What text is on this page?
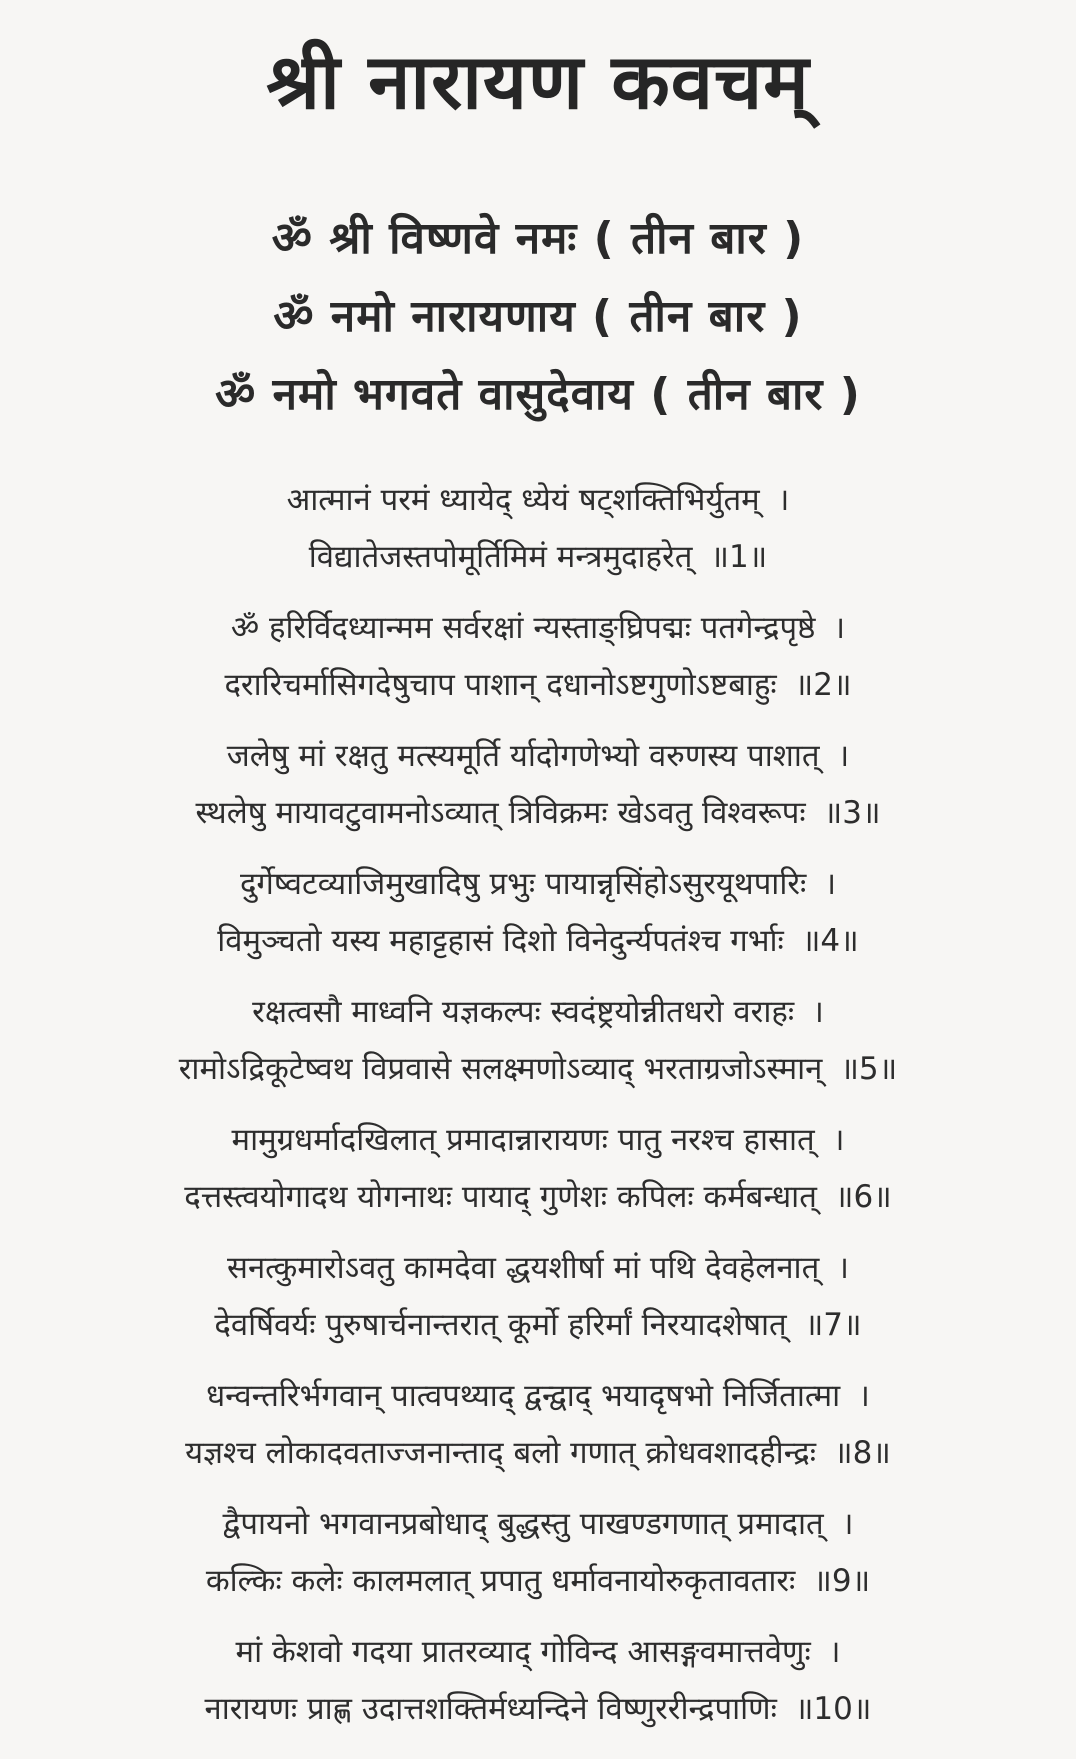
श्री नारायण कवचम्
ॐ श्री विष्णवे नमः ( तीन बार )
ॐ नमो नारायणाय ( तीन बार )
ॐ नमो भगवते वासुदेवाय ( तीन बार )
आत्मानं परमं ध्यायेद् ध्येयं षट्शक्तिभिर्युतम् ।
विद्यातेजस्तपोमूर्तिमिमं मन्त्रमुदाहरेत् ॥1॥
ॐ हरिर्विदध्यान्मम सर्वरक्षां न्यस्ताङ्घ्रिपद्मः पतगेन्द्रपृष्ठे ।
दरारिचर्मासिगदेषुचाप पाशान् दधानोऽष्टगुणोऽष्टबाहुः ॥2॥
जलेषु मां रक्षतु मत्स्यमूर्ति र्यादोगणेभ्यो वरुणस्य पाशात् ।
स्थलेषु मायावटुवामनोऽव्यात् त्रिविक्रमः खेऽवतु विश्वरूपः ॥3॥
दुर्गेष्वटव्याजिमुखादिषु प्रभुः पायान्नृसिंहोऽसुरयूथपारिः ।
विमुञ्चतो यस्य महाट्टहासं दिशो विनेदुर्न्यपतंश्च गर्भाः ॥4॥
रक्षत्वसौ माध्वनि यज्ञकल्पः स्वदंष्ट्रयोन्नीतधरो वराहः ।
रामोऽद्रिकूटेष्वथ विप्रवासे सलक्ष्मणोऽव्याद् भरताग्रजोऽस्मान् ॥5॥
मामुग्रधर्मादखिलात् प्रमादान्नारायणः पातु नरश्च हासात् ।
दत्तस्त्वयोगादथ योगनाथः पायाद् गुणेशः कपिलः कर्मबन्धात् ॥6॥
सनत्कुमारोऽवतु कामदेवा द्धयशीर्षा मां पथि देवहेलनात् ।
देवर्षिवर्यः पुरुषार्चनान्तरात् कूर्मो हरिर्मां निरयादशेषात् ॥7॥
धन्वन्तरिर्भगवान् पात्वपथ्याद् द्वन्द्वाद् भयादृषभो निर्जितात्मा ।
यज्ञश्च लोकादवताज्जनान्ताद् बलो गणात् क्रोधवशादहीन्द्रः ॥8॥
द्वैपायनो भगवानप्रबोधाद् बुद्धस्तु पाखण्डगणात् प्रमादात् ।
कल्किः कलेः कालमलात् प्रपातु धर्मावनायोरुकृतावतारः ॥9॥
मां केशवो गदया प्रातरव्याद् गोविन्द आसङ्गवमात्तवेणुः ।
नारायणः प्राह्ण उदात्तशक्तिर्मध्यन्दिने विष्णुररीन्द्रपाणिः ॥10॥
